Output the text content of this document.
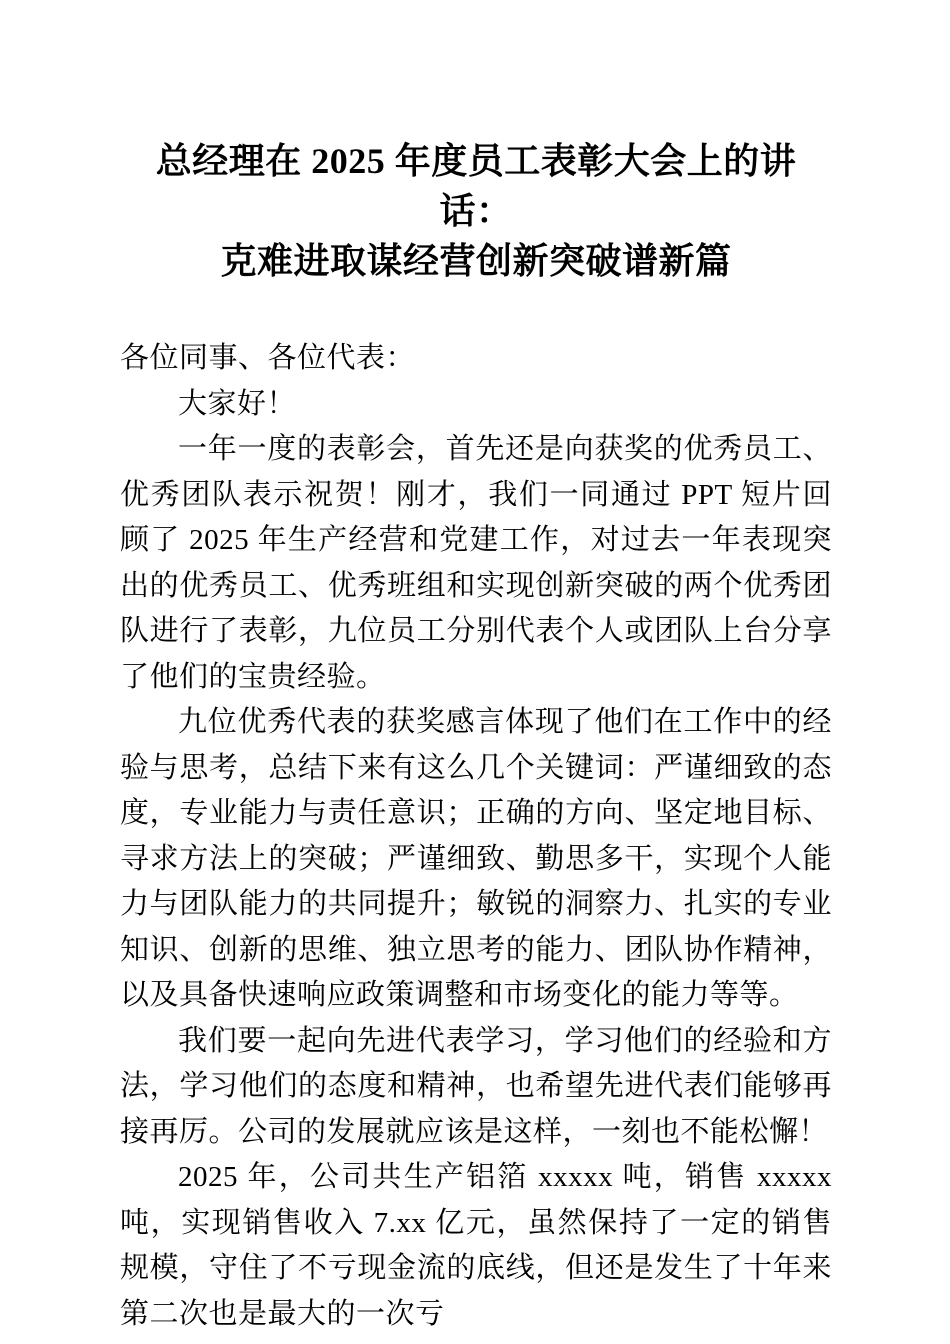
总经理在 2025 年度员工表彰大会上的讲话：
克难进取谋经营创新突破谱新篇

各位同事、各位代表：

大家好！

一年一度的表彰会，首先还是向获奖的优秀员工、优秀团队表示祝贺！刚才，我们一同通过 PPT 短片回顾了 2025 年生产经营和党建工作，对过去一年表现突出的优秀员工、优秀班组和实现创新突破的两个优秀团队进行了表彰，九位员工分别代表个人或团队上台分享了他们的宝贵经验。

九位优秀代表的获奖感言体现了他们在工作中的经验与思考，总结下来有这么几个关键词：严谨细致的态度，专业能力与责任意识；正确的方向、坚定地目标、寻求方法上的突破；严谨细致、勤思多干，实现个人能力与团队能力的共同提升；敏锐的洞察力、扎实的专业知识、创新的思维、独立思考的能力、团队协作精神，以及具备快速响应政策调整和市场变化的能力等等。

我们要一起向先进代表学习，学习他们的经验和方法，学习他们的态度和精神，也希望先进代表们能够再接再厉。公司的发展就应该是这样，一刻也不能松懈！

2025 年，公司共生产铝箔 xxxxx 吨，销售 xxxxx 吨，实现销售收入 7.xx 亿元，虽然保持了一定的销售规模，守住了不亏现金流的底线，但还是发生了十年来第二次也是最大的一次亏
